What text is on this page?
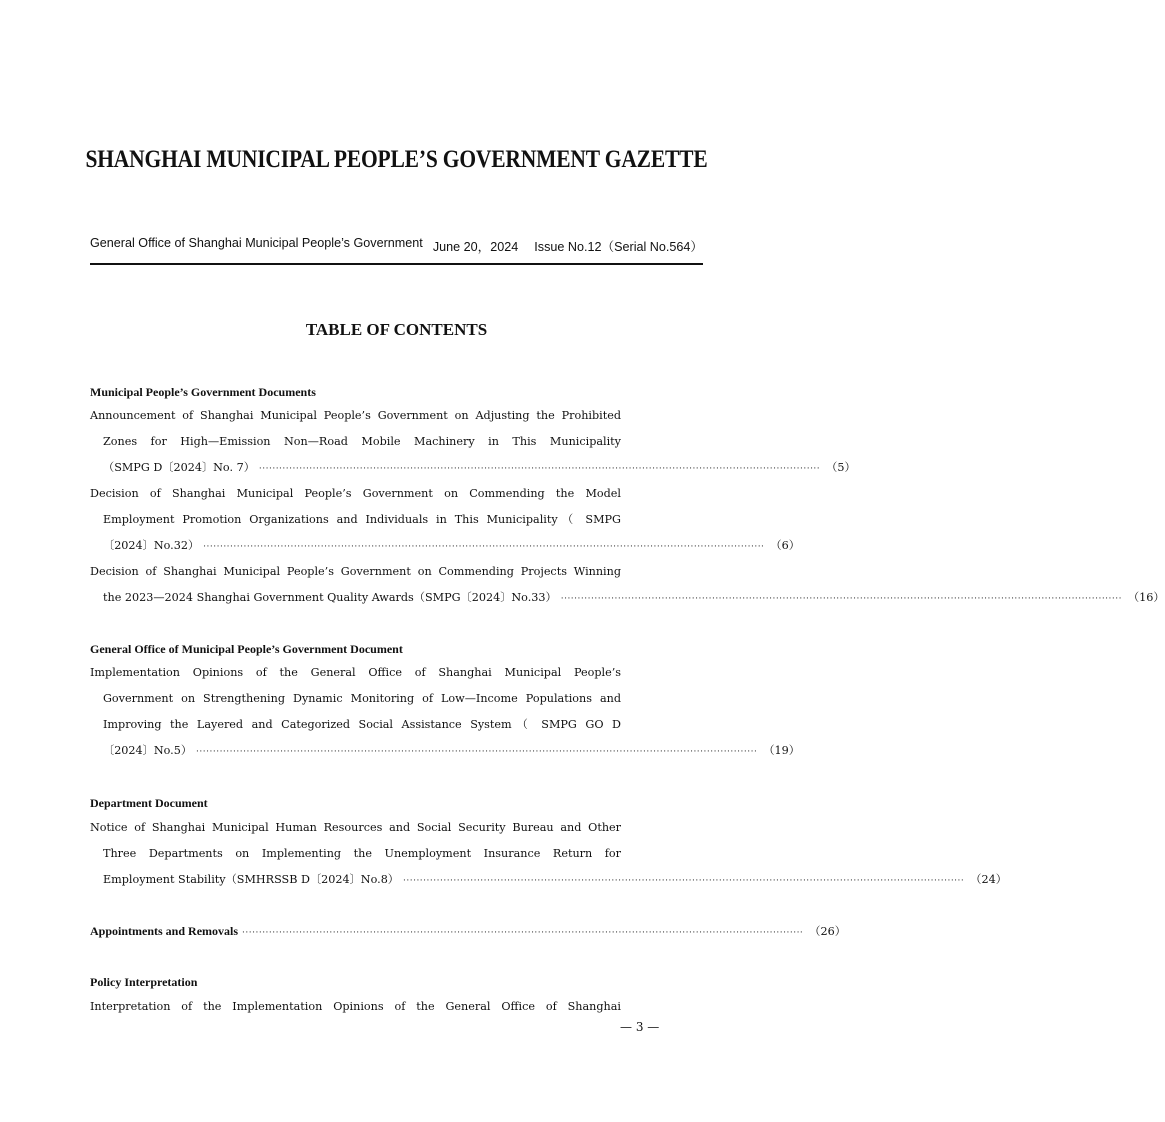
SHANGHAI MUNICIPAL PEOPLE’S GOVERNMENT GAZETTE
General Office of Shanghai Municipal People’s Government June 20，2024 Issue No.12（Serial No.564）
TABLE OF CONTENTS
Municipal People’s Government Documents
Announcement of Shanghai Municipal People’s Government on Adjusting the Prohibited
Zones for High—Emission Non—Road Mobile Machinery in This Municipality
（SMPG D〔2024〕No. 7） ······································································································································································· （5）
Decision of Shanghai Municipal People’s Government on Commending the Model
Employment Promotion Organizations and Individuals in This Municipality（ SMPG
〔2024〕No.32） ······································································································································································· （6）
Decision of Shanghai Municipal People’s Government on Commending Projects Winning
the 2023—2024 Shanghai Government Quality Awards（SMPG〔2024〕No.33） ······································································································································································· （16）
General Office of Municipal People’s Government Document
Implementation Opinions of the General Office of Shanghai Municipal People’s
Government on Strengthening Dynamic Monitoring of Low—Income Populations and
Improving the Layered and Categorized Social Assistance System（ SMPG GO D
〔2024〕No.5） ······································································································································································· （19）
Department Document
Notice of Shanghai Municipal Human Resources and Social Security Bureau and Other
Three Departments on Implementing the Unemployment Insurance Return for
Employment Stability（SMHRSSB D〔2024〕No.8） ······································································································································································· （24）
Appointments and Removals ······································································································································································· （26）
Policy Interpretation
Interpretation of the Implementation Opinions of the General Office of Shanghai
— 3 —
